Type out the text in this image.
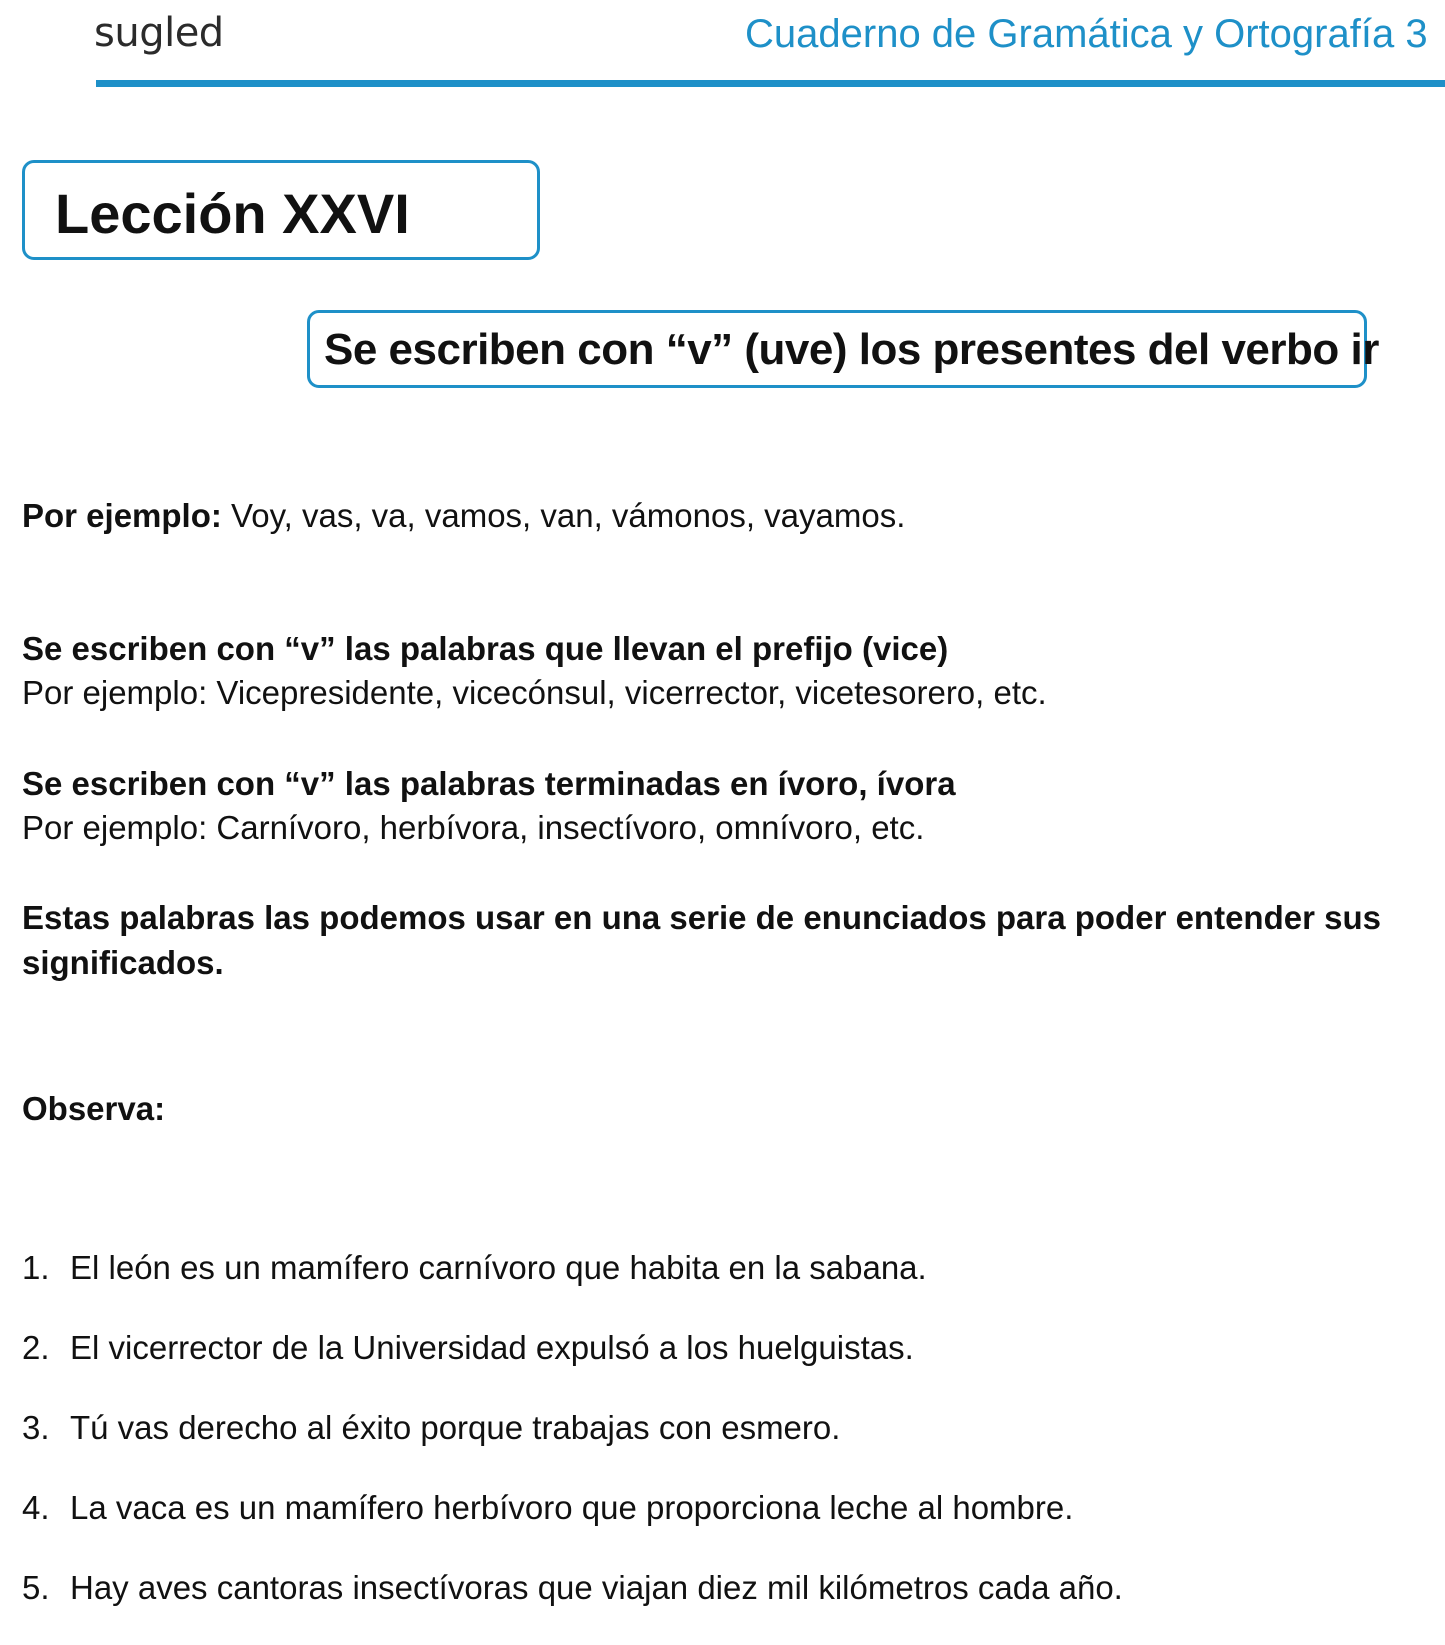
sugled	Cuaderno de Gramática y Ortografía 3
Lección XXVI
Se escriben con “v” (uve) los presentes del verbo ir

Por ejemplo: Voy, vas, va, vamos, van, vámonos, vayamos.

Se escriben con “v” las palabras que llevan el prefijo (vice)

Por ejemplo: Vicepresidente, vicecónsul, vicerrector, vicetesorero, etc.

Se escriben con “v” las palabras terminadas en ívoro, ívora

Por ejemplo: Carnívoro, herbívora, insectívoro, omnívoro, etc.

Estas palabras las podemos usar en una serie de enunciados para poder entender sus significados.

Observa:

1. El león es un mamífero carnívoro que habita en la sabana.
2. El vicerrector de la Universidad expulsó a los huelguistas.
3. Tú vas derecho al éxito porque trabajas con esmero.
4. La vaca es un mamífero herbívoro que proporciona leche al hombre.
5. Hay aves cantoras insectívoras que viajan diez mil kilómetros cada año.
